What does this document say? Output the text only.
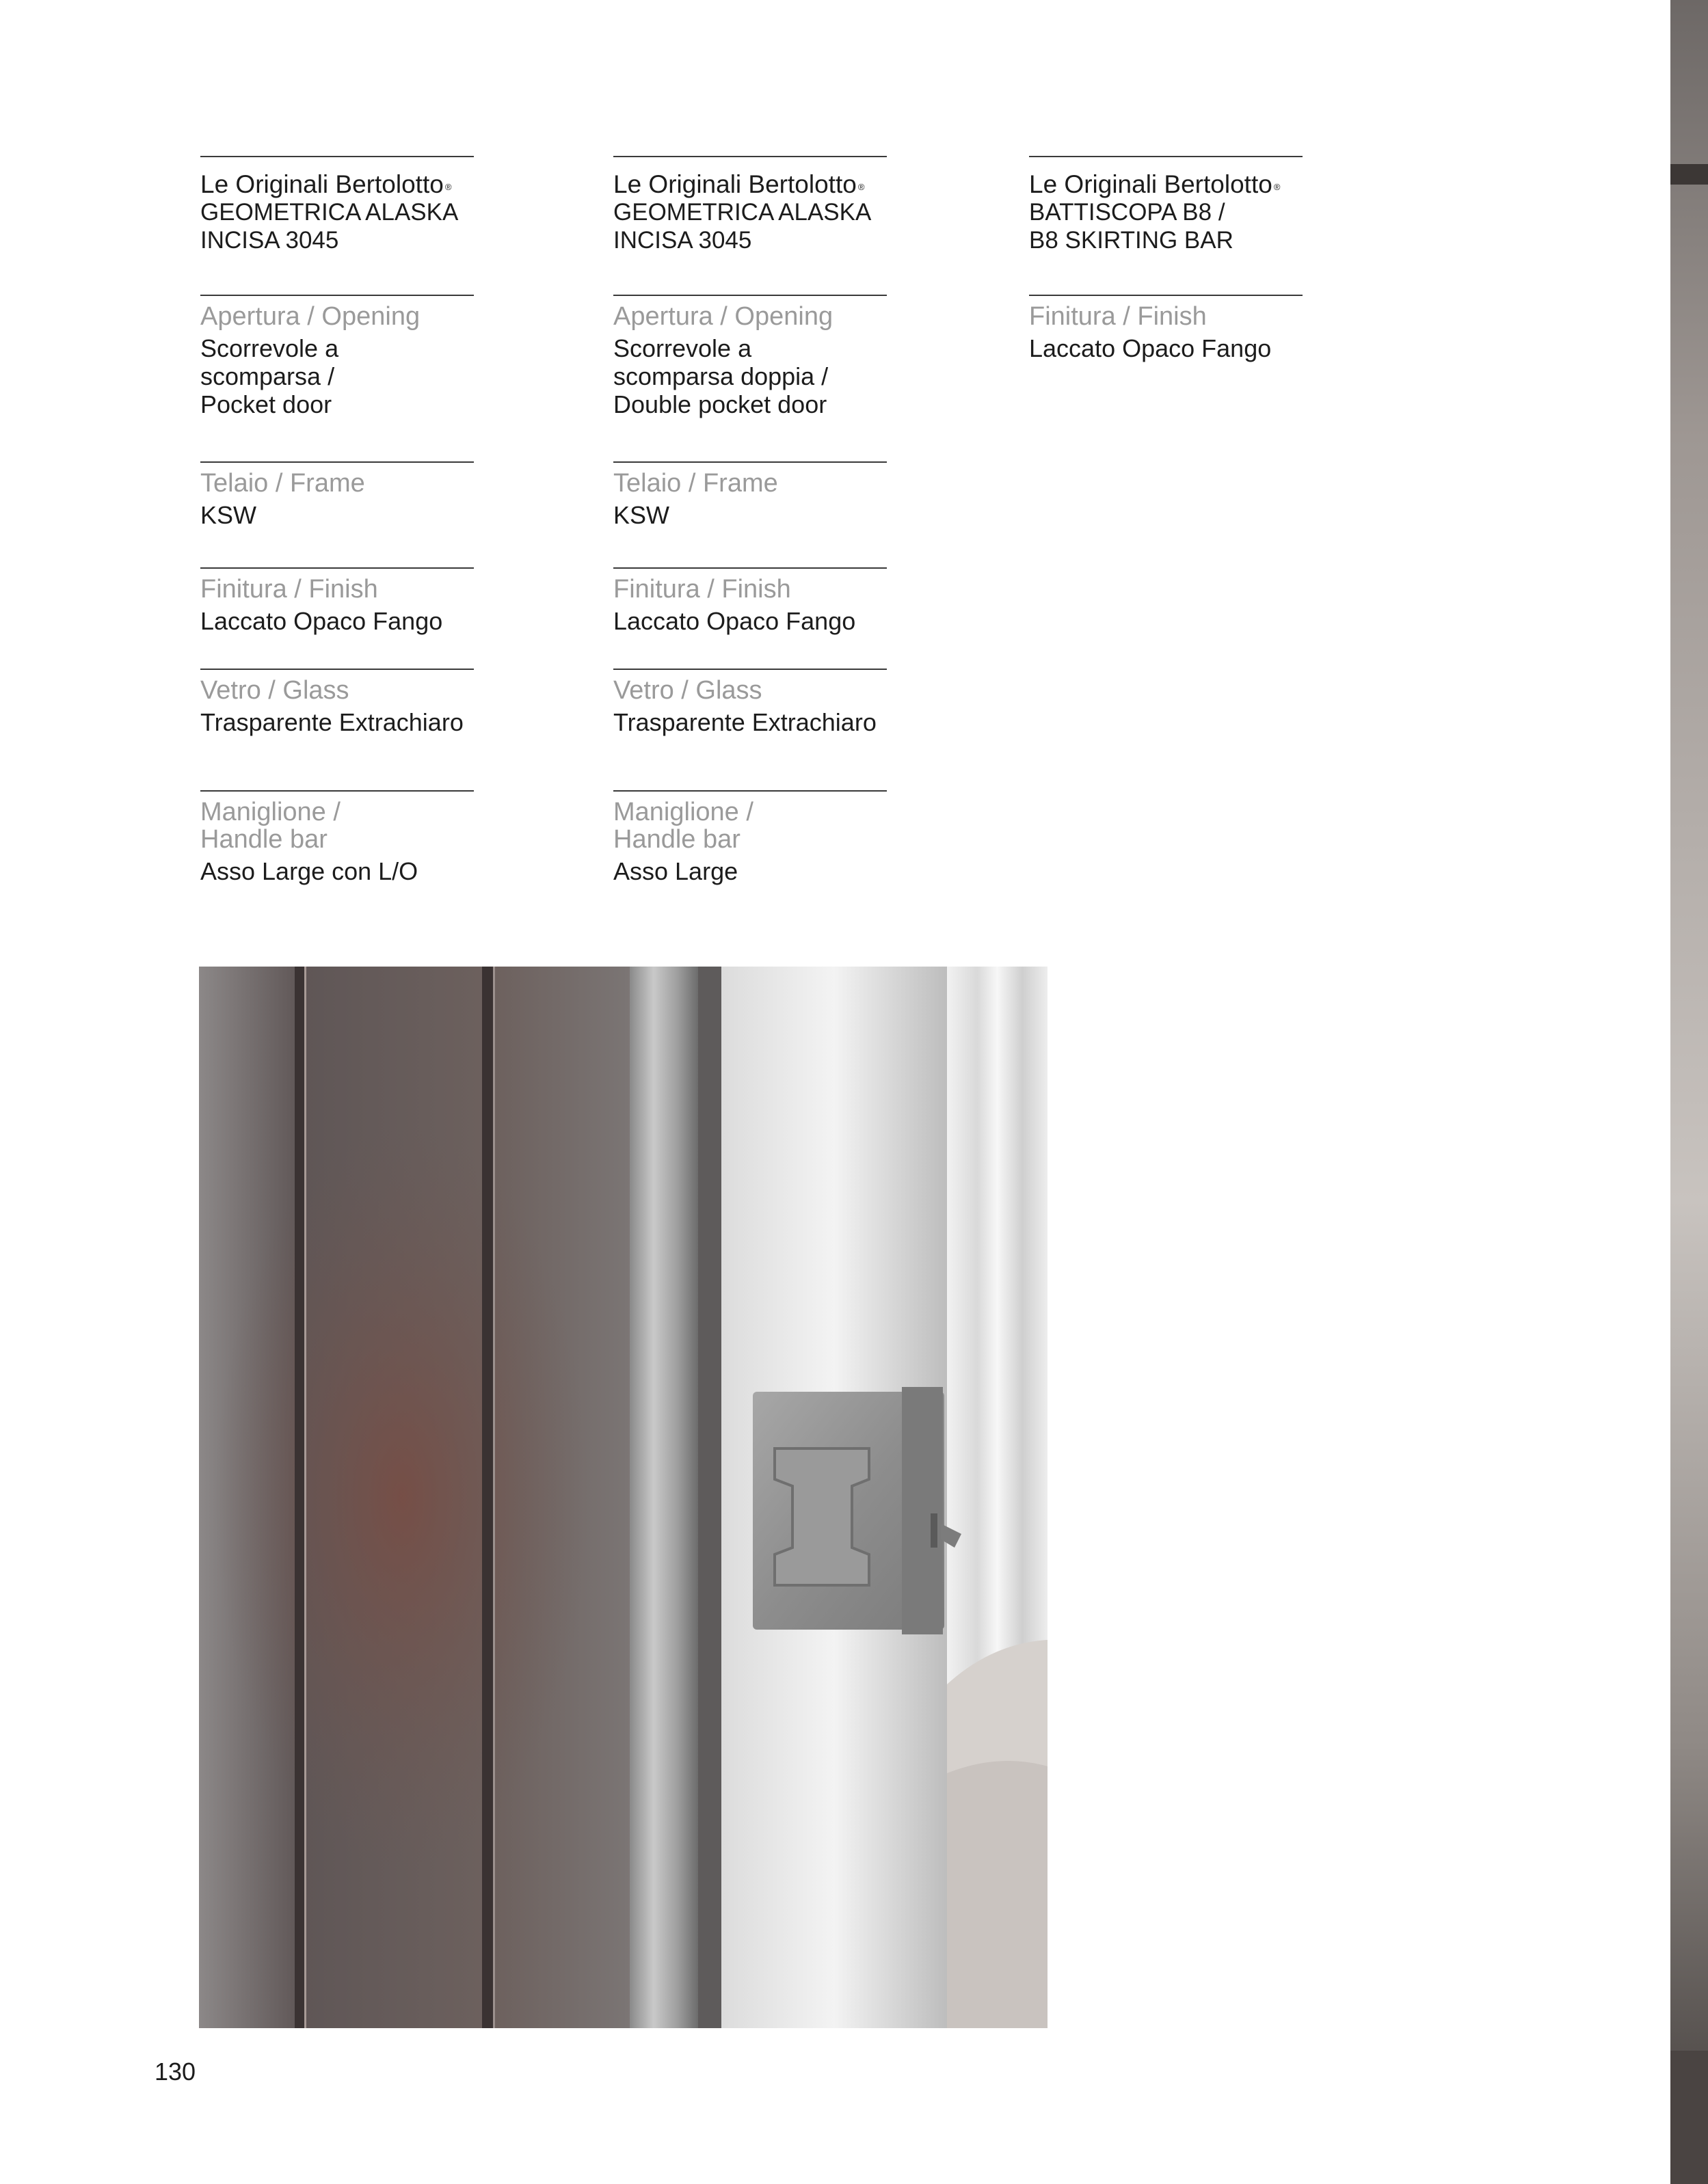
Le Originali Bertolotto ®
GEOMETRICA ALASKA
INCISA 3045
Apertura / Opening
Scorrevole a
scomparsa /
Pocket door
Telaio / Frame
KSW
Finitura / Finish
Laccato Opaco Fango
Vetro / Glass
Trasparente Extrachiaro
Maniglione /
Handle bar
Asso Large con L/O
Le Originali Bertolotto ®
GEOMETRICA ALASKA
INCISA 3045
Apertura / Opening
Scorrevole a
scomparsa doppia /
Double pocket door
Telaio / Frame
KSW
Finitura / Finish
Laccato Opaco Fango
Vetro / Glass
Trasparente Extrachiaro
Maniglione /
Handle bar
Asso Large
Le Originali Bertolotto ®
BATTISCOPA B8 /
B8 SKIRTING BAR
Finitura / Finish
Laccato Opaco Fango
130
